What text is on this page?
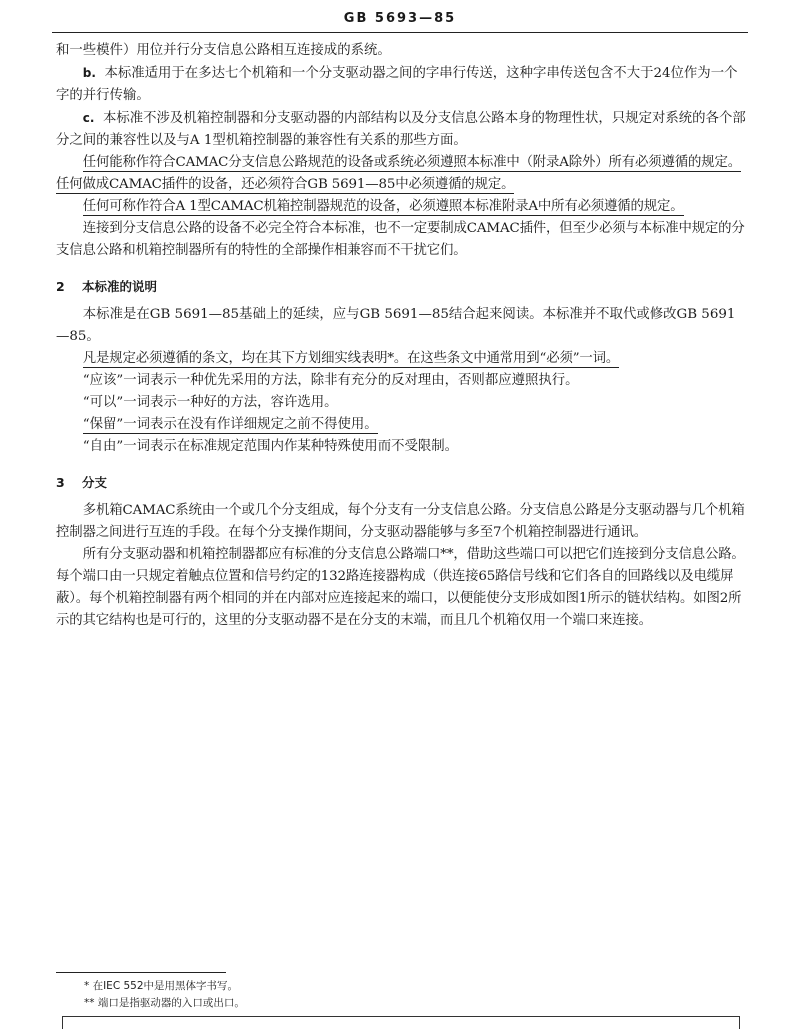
GB 5693—85

和一些模件）用位并行分支信息公路相互连接成的系统。

b. 本标准适用于在多达七个机箱和一个分支驱动器之间的字串行传送，这种字串传送包含不大于24位作为一个字的并行传输。

c. 本标准不涉及机箱控制器和分支驱动器的内部结构以及分支信息公路本身的物理性状，只规定对系统的各个部分之间的兼容性以及与A 1型机箱控制器的兼容性有关系的那些方面。

任何能称作符合CAMAC分支信息公路规范的设备或系统必须遵照本标准中（附录A除外）所有必须遵循的规定。任何做成CAMAC插件的设备，还必须符合GB 5691—85中必须遵循的规定。

任何可称作符合A 1型CAMAC机箱控制器规范的设备，必须遵照本标准附录A中所有必须遵循的规定。

连接到分支信息公路的设备不必完全符合本标准，也不一定要制成CAMAC插件，但至少必须与本标准中规定的分支信息公路和机箱控制器所有的特性的全部操作相兼容而不干扰它们。

2 本标准的说明

本标准是在GB 5691—85基础上的延续，应与GB 5691—85结合起来阅读。本标准并不取代或修改GB 5691—85。

凡是规定必须遵循的条文，均在其下方划细实线表明*。在这些条文中通常用到“必须”一词。

“应该”一词表示一种优先采用的方法，除非有充分的反对理由，否则都应遵照执行。

“可以”一词表示一种好的方法，容许选用。

“保留”一词表示在没有作详细规定之前不得使用。

“自由”一词表示在标准规定范围内作某种特殊使用而不受限制。

3 分支

多机箱CAMAC系统由一个或几个分支组成，每个分支有一分支信息公路。分支信息公路是分支驱动器与几个机箱控制器之间进行互连的手段。在每个分支操作期间，分支驱动器能够与多至7个机箱控制器进行通讯。

所有分支驱动器和机箱控制器都应有标准的分支信息公路端口**，借助这些端口可以把它们连接到分支信息公路。每个端口由一只规定着触点位置和信号约定的132路连接器构成（供连接65路信号线和它们各自的回路线以及电缆屏蔽）。每个机箱控制器有两个相同的并在内部对应连接起来的端口，以便能使分支形成如图1所示的链状结构。如图2所示的其它结构也是可行的，这里的分支驱动器不是在分支的末端，而且几个机箱仅用一个端口来连接。

* 在IEC 552中是用黑体字书写。
** 端口是指驱动器的入口或出口。
